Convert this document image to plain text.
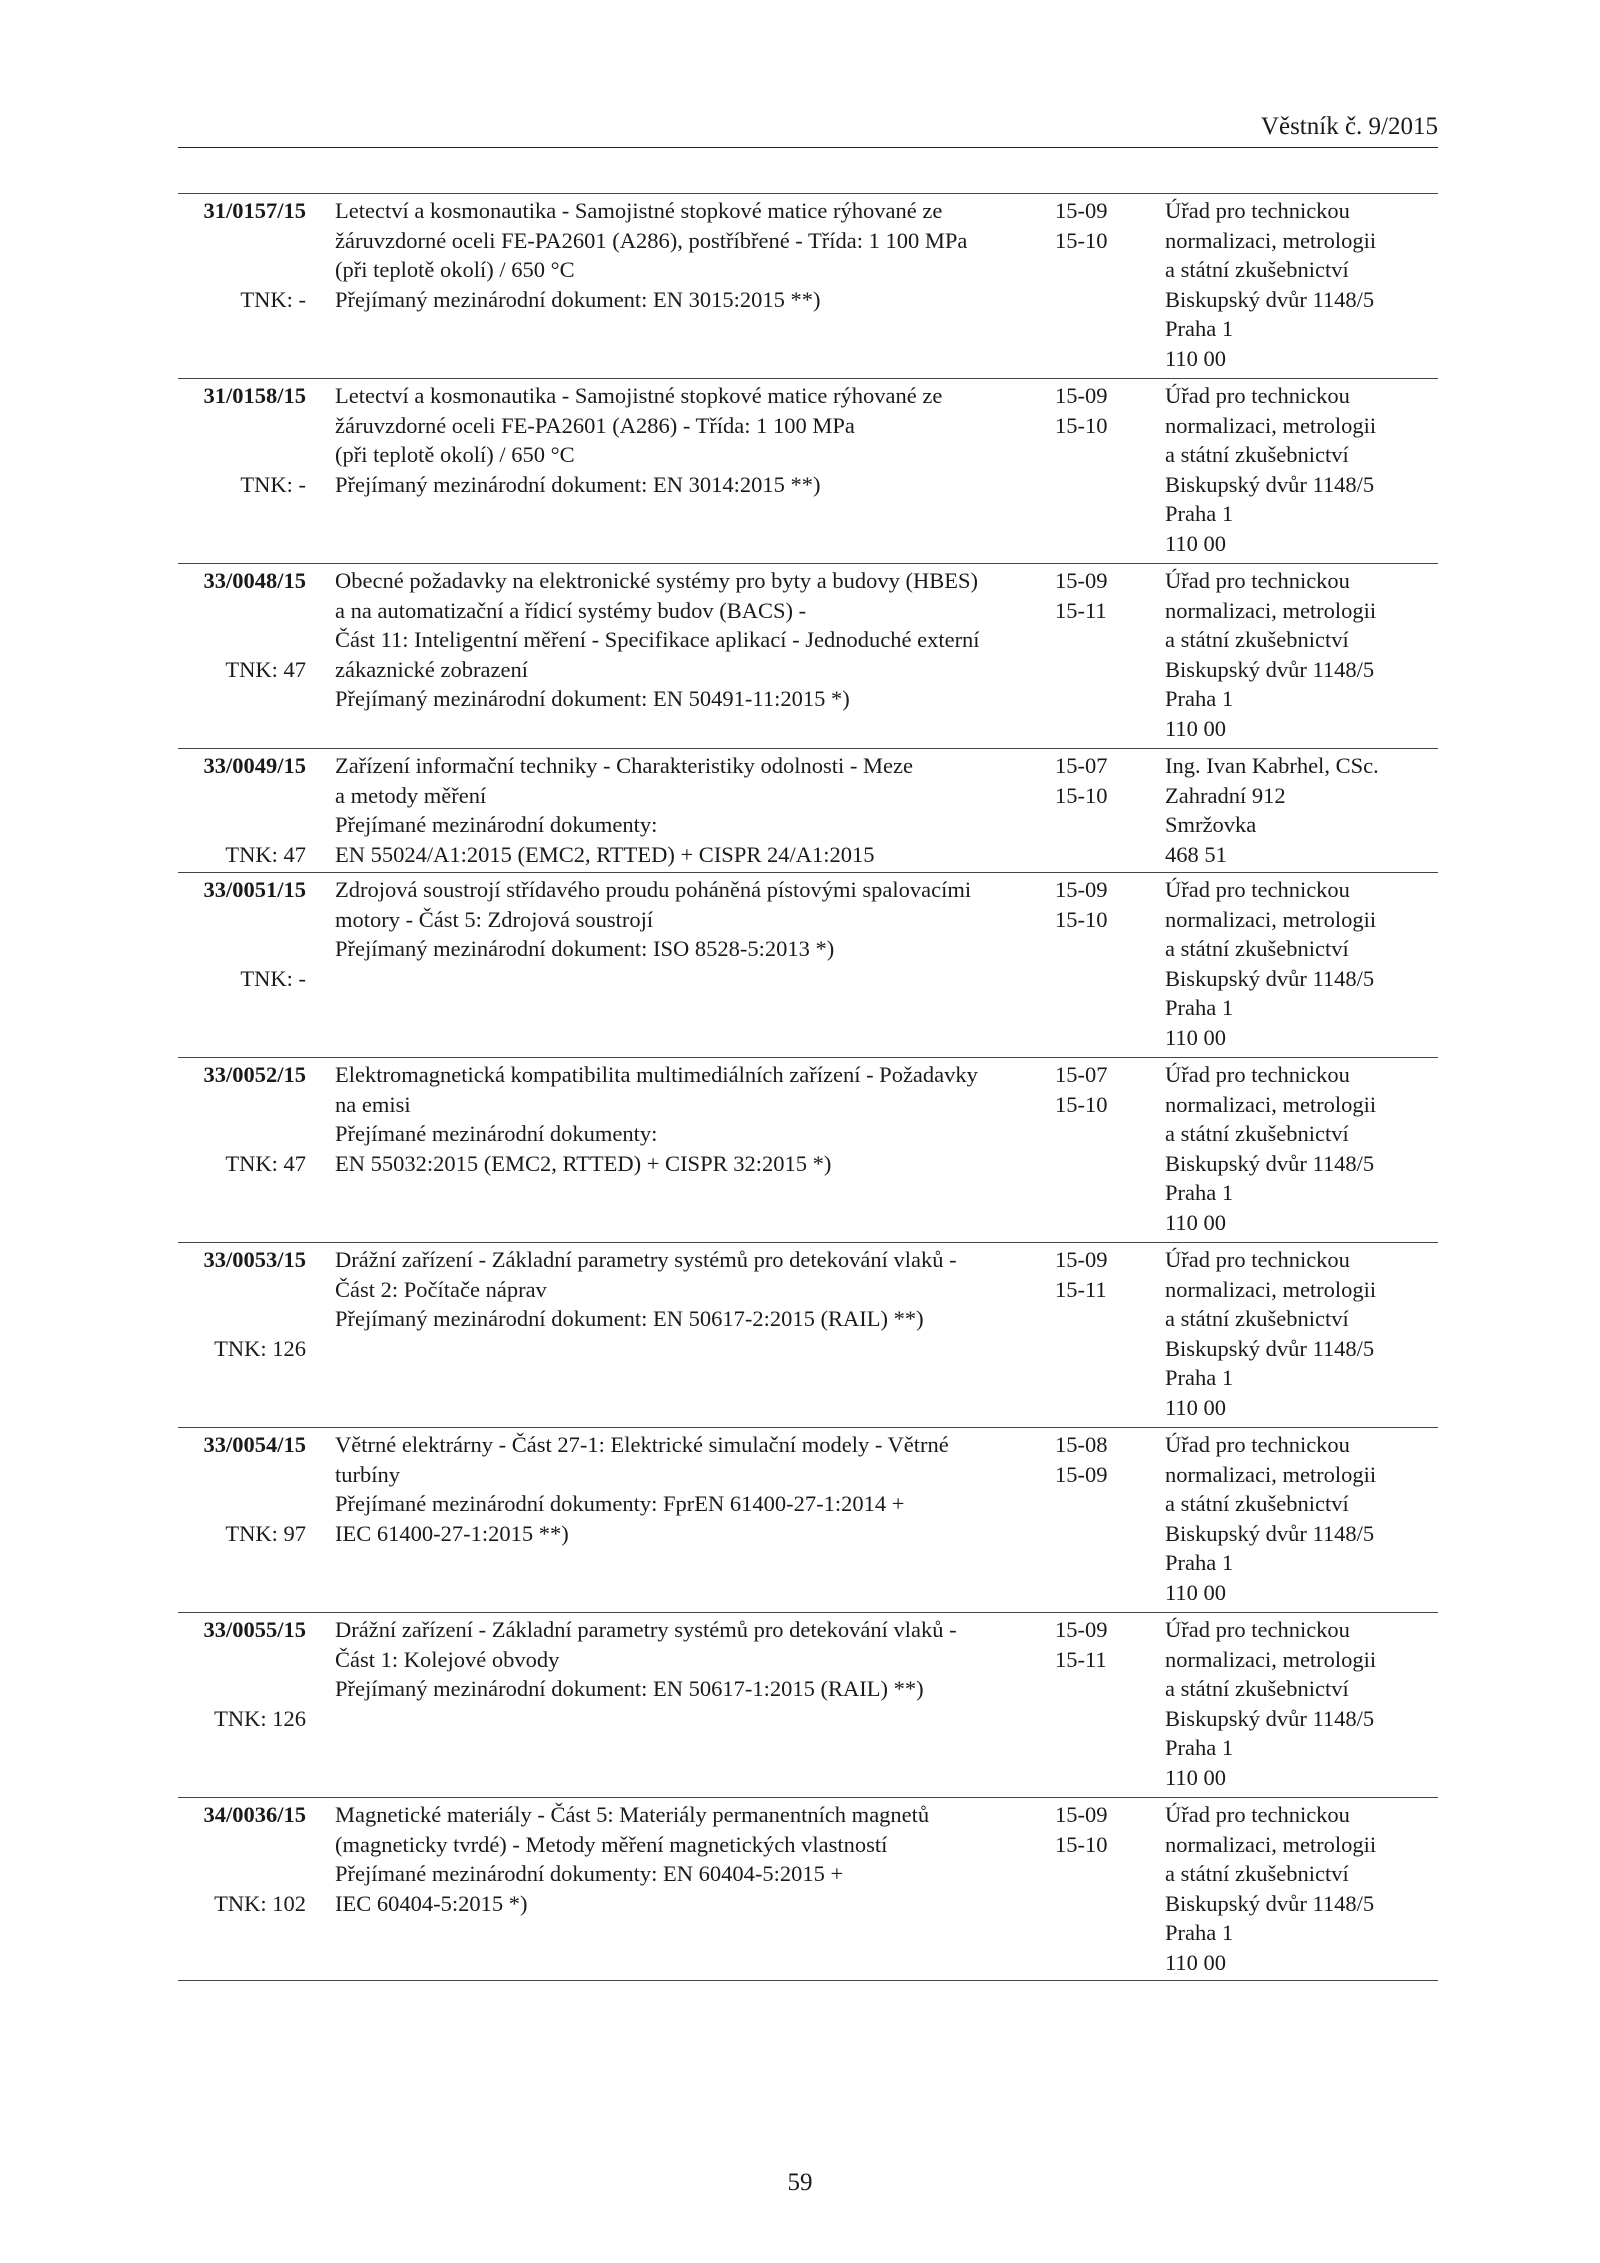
Věstník č. 9/2015
31/0157/15
TNK: -
Letectví a kosmonautika - Samojistné stopkové matice rýhované ze
žáruvzdorné oceli FE-PA2601 (A286), postříbřené - Třída: 1 100 MPa
(při teplotě okolí) / 650 °C
Přejímaný mezinárodní dokument: EN 3015:2015 **)
15-09
15-10
Úřad pro technickou
normalizaci, metrologii
a státní zkušebnictví
Biskupský dvůr 1148/5
Praha 1
110 00
31/0158/15
TNK: -
Letectví a kosmonautika - Samojistné stopkové matice rýhované ze
žáruvzdorné oceli FE-PA2601 (A286) - Třída: 1 100 MPa
(při teplotě okolí) / 650 °C
Přejímaný mezinárodní dokument: EN 3014:2015 **)
15-09
15-10
Úřad pro technickou
normalizaci, metrologii
a státní zkušebnictví
Biskupský dvůr 1148/5
Praha 1
110 00
33/0048/15
TNK: 47
Obecné požadavky na elektronické systémy pro byty a budovy (HBES)
a na automatizační a řídicí systémy budov (BACS) -
Část 11: Inteligentní měření - Specifikace aplikací - Jednoduché externí
zákaznické zobrazení
Přejímaný mezinárodní dokument: EN 50491-11:2015 *)
15-09
15-11
Úřad pro technickou
normalizaci, metrologii
a státní zkušebnictví
Biskupský dvůr 1148/5
Praha 1
110 00
33/0049/15
TNK: 47
Zařízení informační techniky - Charakteristiky odolnosti - Meze
a metody měření
Přejímané mezinárodní dokumenty:
EN 55024/A1:2015 (EMC2, RTTED) + CISPR 24/A1:2015
15-07
15-10
Ing. Ivan Kabrhel, CSc.
Zahradní 912
Smržovka
468 51
33/0051/15
TNK: -
Zdrojová soustrojí střídavého proudu poháněná pístovými spalovacími
motory - Část 5: Zdrojová soustrojí
Přejímaný mezinárodní dokument: ISO 8528-5:2013 *)
15-09
15-10
Úřad pro technickou
normalizaci, metrologii
a státní zkušebnictví
Biskupský dvůr 1148/5
Praha 1
110 00
33/0052/15
TNK: 47
Elektromagnetická kompatibilita multimediálních zařízení - Požadavky
na emisi
Přejímané mezinárodní dokumenty:
EN 55032:2015 (EMC2, RTTED) + CISPR 32:2015 *)
15-07
15-10
Úřad pro technickou
normalizaci, metrologii
a státní zkušebnictví
Biskupský dvůr 1148/5
Praha 1
110 00
33/0053/15
TNK: 126
Drážní zařízení - Základní parametry systémů pro detekování vlaků -
Část 2: Počítače náprav
Přejímaný mezinárodní dokument: EN 50617-2:2015 (RAIL) **)
15-09
15-11
Úřad pro technickou
normalizaci, metrologii
a státní zkušebnictví
Biskupský dvůr 1148/5
Praha 1
110 00
33/0054/15
TNK: 97
Větrné elektrárny - Část 27-1: Elektrické simulační modely - Větrné
turbíny
Přejímané mezinárodní dokumenty: FprEN 61400-27-1:2014 +
IEC 61400-27-1:2015 **)
15-08
15-09
Úřad pro technickou
normalizaci, metrologii
a státní zkušebnictví
Biskupský dvůr 1148/5
Praha 1
110 00
33/0055/15
TNK: 126
Drážní zařízení - Základní parametry systémů pro detekování vlaků -
Část 1: Kolejové obvody
Přejímaný mezinárodní dokument: EN 50617-1:2015 (RAIL) **)
15-09
15-11
Úřad pro technickou
normalizaci, metrologii
a státní zkušebnictví
Biskupský dvůr 1148/5
Praha 1
110 00
34/0036/15
TNK: 102
Magnetické materiály - Část 5: Materiály permanentních magnetů
(magneticky tvrdé) - Metody měření magnetických vlastností
Přejímané mezinárodní dokumenty: EN 60404-5:2015 +
IEC 60404-5:2015 *)
15-09
15-10
Úřad pro technickou
normalizaci, metrologii
a státní zkušebnictví
Biskupský dvůr 1148/5
Praha 1
110 00
59
